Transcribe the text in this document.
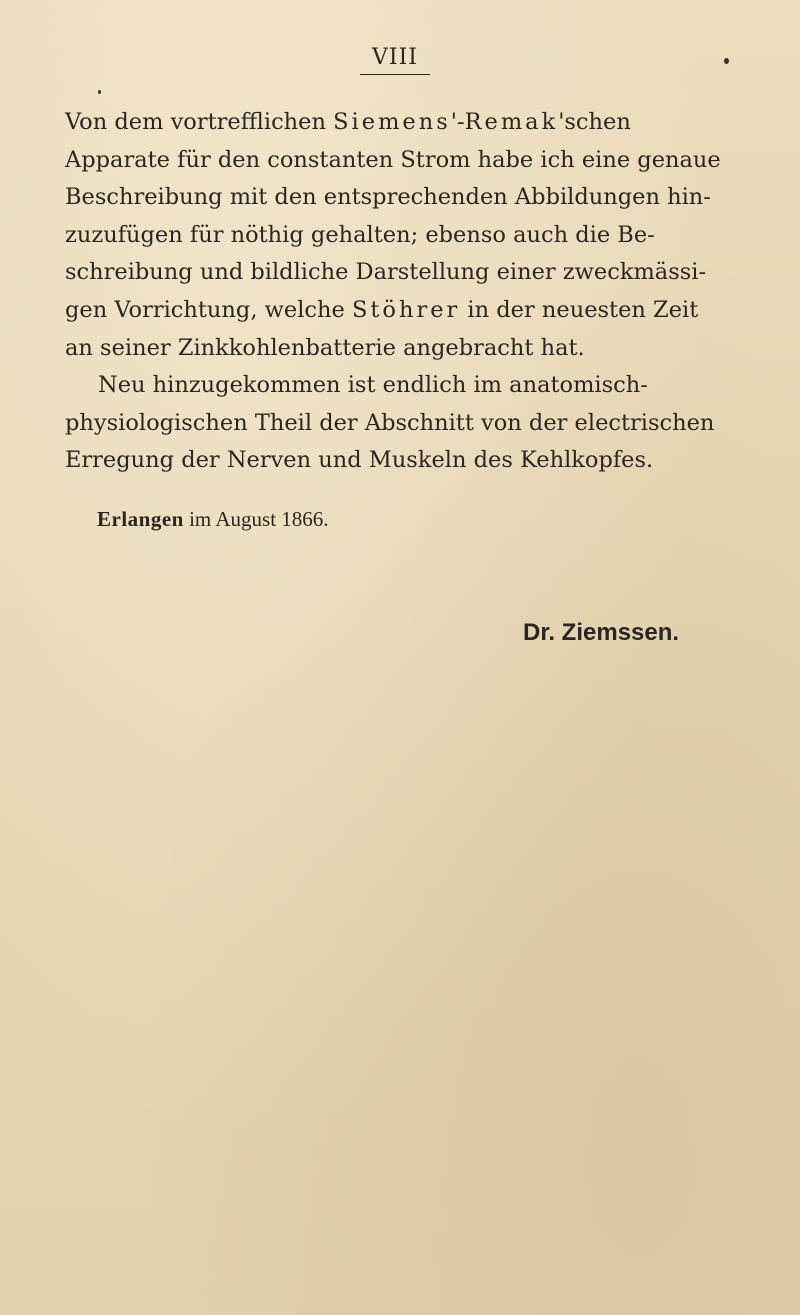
VIII

Von dem vortrefflichen Siemens'-Remak'schen
Apparate für den constanten Strom habe ich eine genaue
Beschreibung mit den entsprechenden Abbildungen hin-
zuzufügen für nöthig gehalten; ebenso auch die Be-
schreibung und bildliche Darstellung einer zweckmässi-
gen Vorrichtung, welche Stöhrer in der neuesten Zeit
an seiner Zinkkohlenbatterie angebracht hat.

Neu hinzugekommen ist endlich im anatomisch-
physiologischen Theil der Abschnitt von der electrischen
Erregung der Nerven und Muskeln des Kehlkopfes.

Erlangen im August 1866.
Dr. Ziemssen.
